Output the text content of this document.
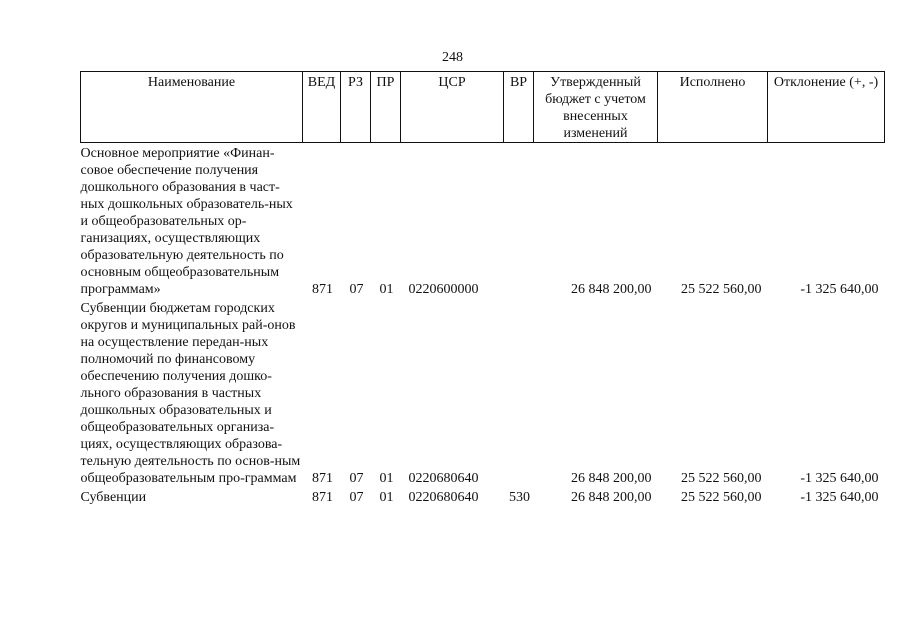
248
Наименование	ВЕД	РЗ	ПР	ЦСР	ВР	Утвержденный бюджет с учетом внесенных изменений	Исполнено	Отклонение (+, -)
Основное мероприятие «Финан-совое обеспечение получения дошкольного образования в част-ных дошкольных образователь-ных и общеобразовательных ор-ганизациях, осуществляющих образовательную деятельность по основным общеобразовательным программам»	871	07	01	0220600000		26 848 200,00	25 522 560,00	-1 325 640,00
Субвенции бюджетам городских округов и муниципальных рай-онов на осуществление передан-ных полномочий по финансовому обеспечению получения дошко-льного образования в частных дошкольных образовательных и общеобразовательных организа-циях, осуществляющих образова-тельную деятельность по основ-ным общеобразовательным про-граммам	871	07	01	0220680640		26 848 200,00	25 522 560,00	-1 325 640,00
Субвенции	871	07	01	0220680640	530	26 848 200,00	25 522 560,00	-1 325 640,00
